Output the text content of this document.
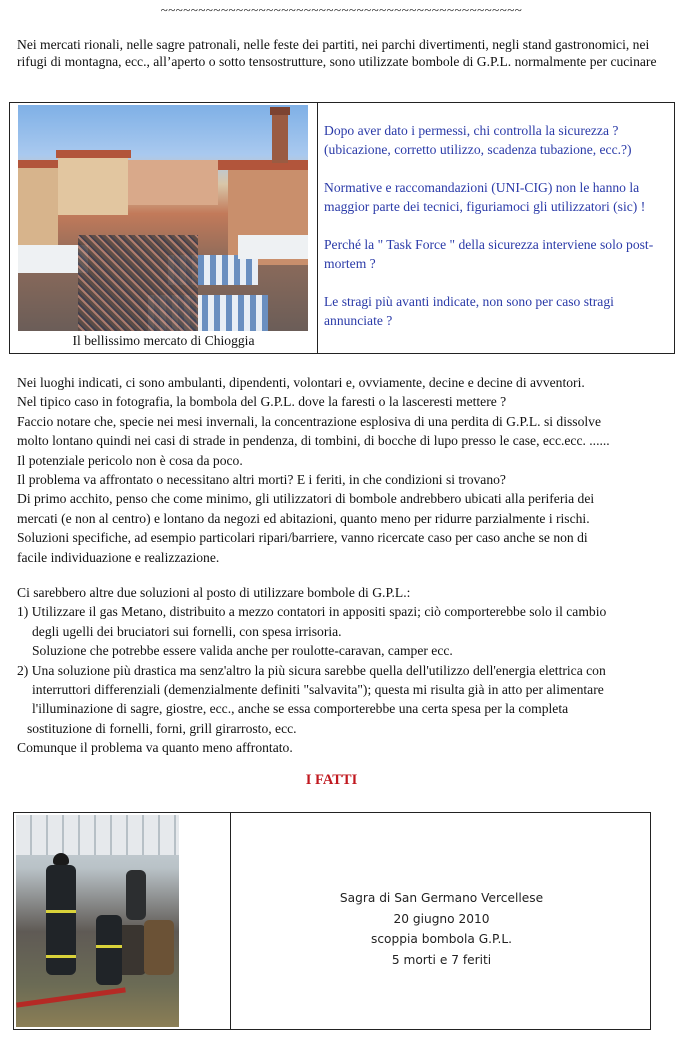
~~~~~~~~~~~~~~~~~~~~~~~~~~~~~~~~~~~~~~~~~~~~~~~~

Nei mercati rionali, nelle sagre patronali, nelle feste dei partiti, nei parchi divertimenti, negli stand gastronomici, nei rifugi di montagna, ecc., all’aperto o sotto tensostrutture, sono utilizzate bombole di G.P.L. normalmente per cucinare

Il bellissimo mercato di Chioggia

Dopo aver dato i permessi, chi controlla la sicurezza ? (ubicazione, corretto utilizzo, scadenza tubazione, ecc.?)

Normative e raccomandazioni (UNI-CIG) non le hanno la maggior parte dei tecnici, figuriamoci gli utilizzatori (sic) !

Perché la " Task Force " della sicurezza interviene solo post-mortem ?

Le stragi più avanti indicate, non sono per caso stragi annunciate ?

Nei luoghi indicati, ci sono ambulanti, dipendenti, volontari e, ovviamente, decine e decine di avventori.
Nel tipico caso in fotografia, la bombola del G.P.L. dove la faresti o la lasceresti mettere ?
Faccio notare che, specie nei mesi invernali, la concentrazione esplosiva di una perdita di G.P.L. si dissolve
molto lontano quindi nei casi di strade in pendenza, di tombini, di bocche di lupo presso le case, ecc.ecc. ......
Il potenziale pericolo non è cosa da poco.
Il problema va affrontato o necessitano altri morti? E i feriti, in che condizioni si trovano?
Di primo acchito, penso che come minimo, gli utilizzatori di bombole andrebbero ubicati alla periferia dei
mercati (e non al centro) e lontano da negozi ed abitazioni, quanto meno per ridurre parzialmente i rischi.
Soluzioni specifiche, ad esempio particolari ripari/barriere, vanno ricercate caso per caso anche se non di
facile individuazione e realizzazione.
Ci sarebbero altre due soluzioni al posto di utilizzare bombole di G.P.L.:
1) Utilizzare il gas Metano, distribuito a mezzo contatori in appositi spazi; ciò comporterebbe solo il cambio
degli ugelli dei bruciatori sui fornelli, con spesa irrisoria.
Soluzione che potrebbe essere valida anche per roulotte-caravan, camper ecc.
2) Una soluzione più drastica ma senz'altro la più sicura sarebbe quella dell'utilizzo dell'energia elettrica con
interruttori differenziali (demenzialmente definiti "salvavita"); questa mi risulta già in atto per alimentare
l'illuminazione di sagre, giostre, ecc., anche se essa comporterebbe una certa spesa per la completa
sostituzione di fornelli, forni, grill girarrosto, ecc.
Comunque il problema va quanto meno affrontato.
I FATTI
Sagra di San Germano Vercellese
20 giugno 2010
scoppia bombola G.P.L.
5 morti e 7 feriti
